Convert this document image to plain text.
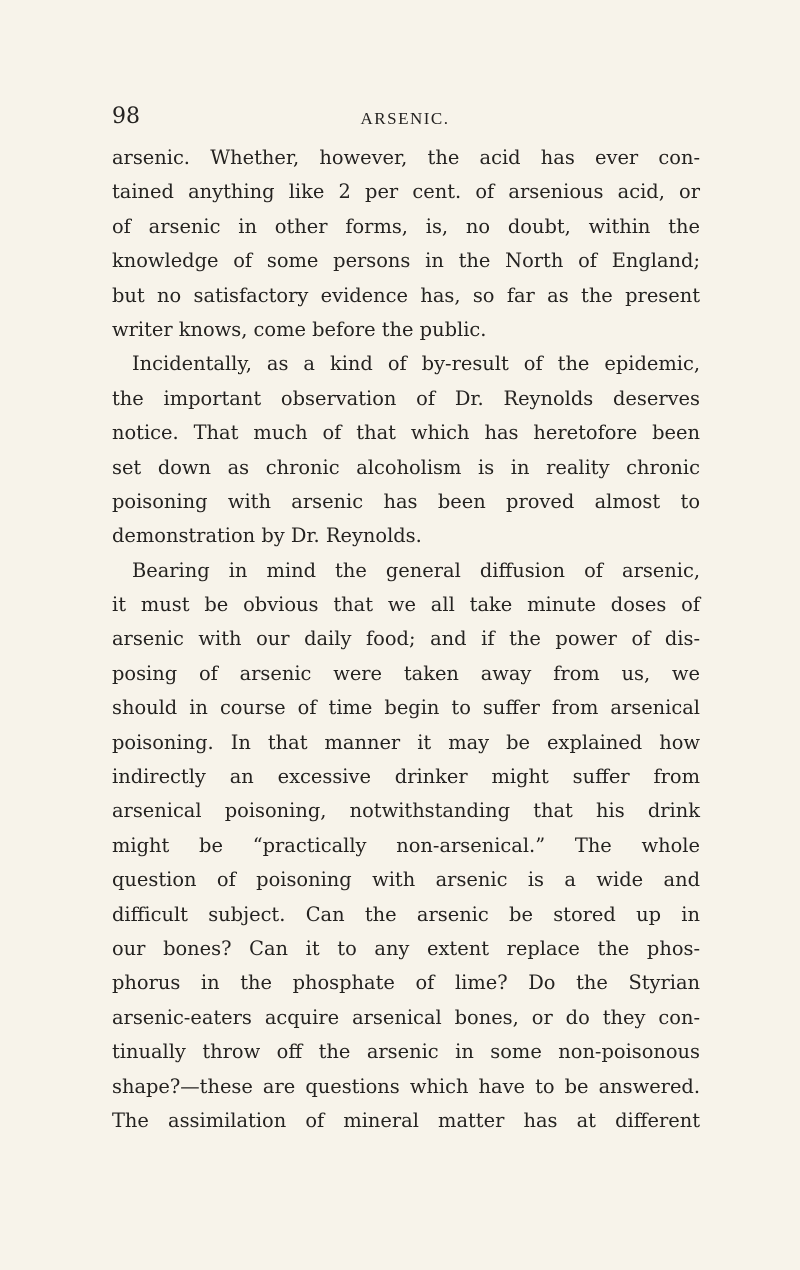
98	ARSENIC.
arsenic. Whether, however, the acid has ever con-
tained anything like 2 per cent. of arsenious acid, or
of arsenic in other forms, is, no doubt, within the
knowledge of some persons in the North of England;
but no satisfactory evidence has, so far as the present
writer knows, come before the public.
Incidentally, as a kind of by-result of the epidemic,
the important observation of Dr. Reynolds deserves
notice. That much of that which has heretofore been
set down as chronic alcoholism is in reality chronic
poisoning with arsenic has been proved almost to
demonstration by Dr. Reynolds.
Bearing in mind the general diffusion of arsenic,
it must be obvious that we all take minute doses of
arsenic with our daily food; and if the power of dis-
posing of arsenic were taken away from us, we
should in course of time begin to suffer from arsenical
poisoning. In that manner it may be explained how
indirectly an excessive drinker might suffer from
arsenical poisoning, notwithstanding that his drink
might be “practically non-arsenical.” The whole
question of poisoning with arsenic is a wide and
difficult subject. Can the arsenic be stored up in
our bones? Can it to any extent replace the phos-
phorus in the phosphate of lime? Do the Styrian
arsenic-eaters acquire arsenical bones, or do they con-
tinually throw off the arsenic in some non-poisonous
shape?—these are questions which have to be answered.
The assimilation of mineral matter has at different
